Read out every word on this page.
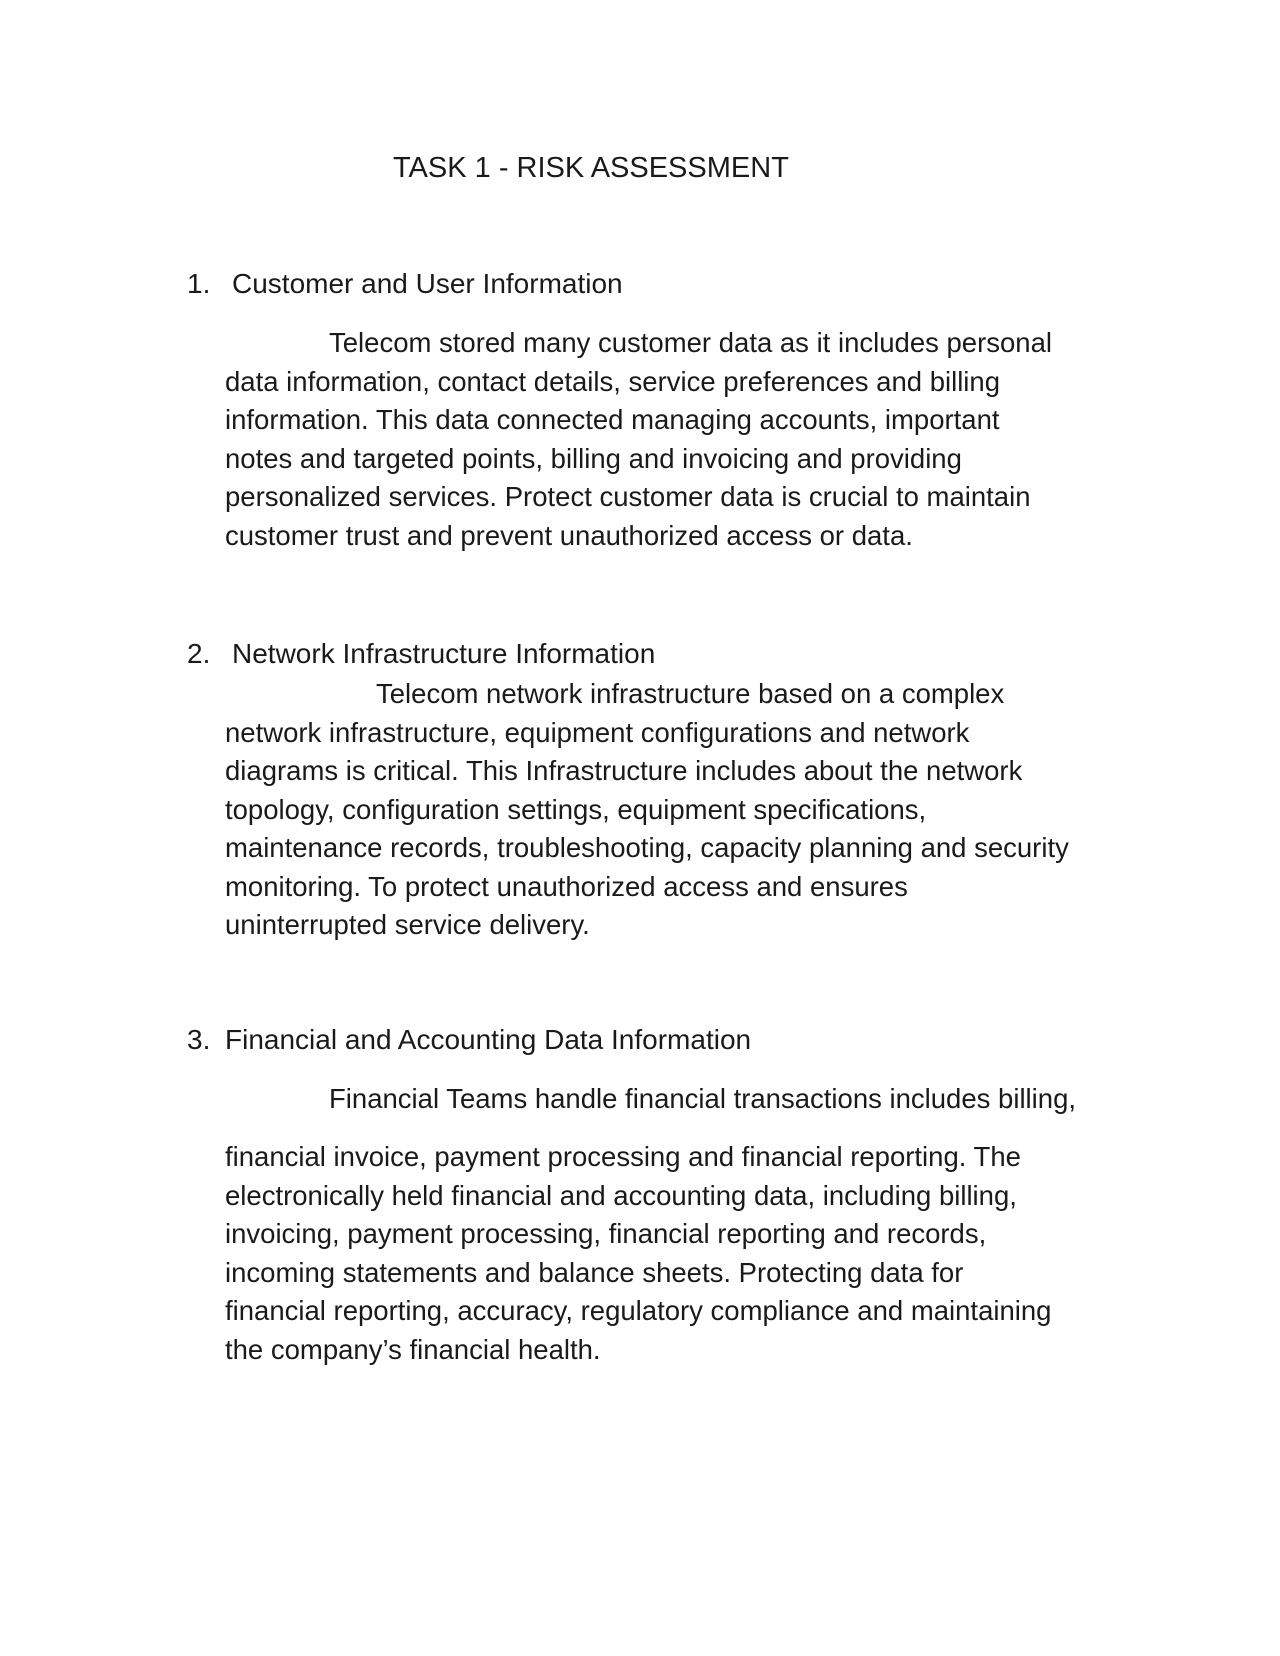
TASK 1 - RISK ASSESSMENT
1. Customer and User Information
Telecom stored many customer data as it includes personal
data information, contact details, service preferences and billing
information. This data connected managing accounts, important
notes and targeted points, billing and invoicing and providing
personalized services. Protect customer data is crucial to maintain
customer trust and prevent unauthorized access or data.
2. Network Infrastructure Information
Telecom network infrastructure based on a complex
network infrastructure, equipment configurations and network
diagrams is critical. This Infrastructure includes about the network
topology, configuration settings, equipment specifications,
maintenance records, troubleshooting, capacity planning and security
monitoring. To protect unauthorized access and ensures
uninterrupted service delivery.
3. Financial and Accounting Data Information
Financial Teams handle financial transactions includes billing,
financial invoice, payment processing and financial reporting. The
electronically held financial and accounting data, including billing,
invoicing, payment processing, financial reporting and records,
incoming statements and balance sheets. Protecting data for
financial reporting, accuracy, regulatory compliance and maintaining
the company’s financial health.
